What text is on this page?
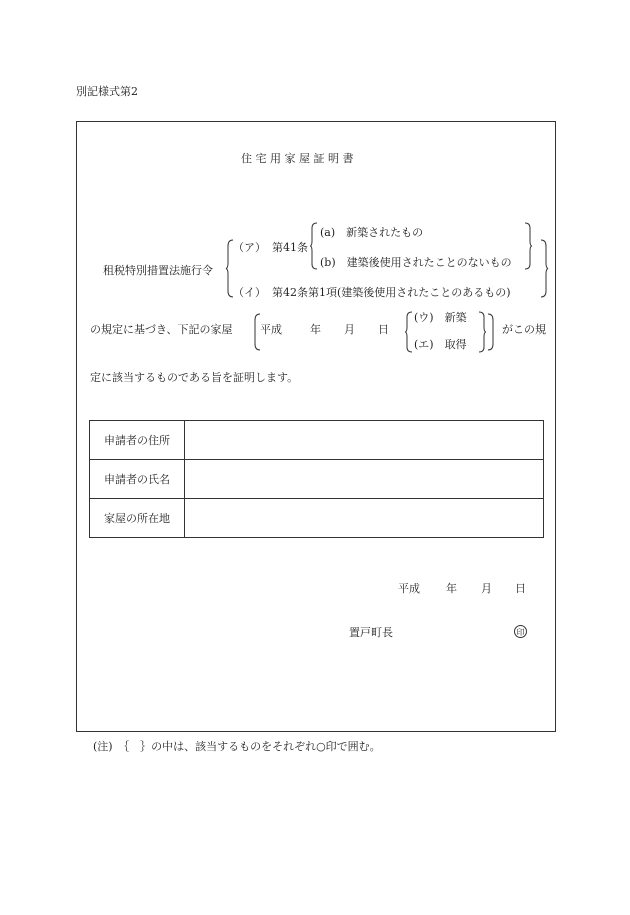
別記様式第2
住 宅 用 家 屋 証 明 書
租税特別措置法施行令
（ア） 第41条
(a)　新築されたもの
(b)　建築後使用されたことのないもの
（イ） 第42条第1項(建築後使用されたことのあるもの)
の規定に基づき、下記の家屋 平成	年 月 日
(ウ)　新築
(エ)　取得
がこの規
定に該当するものである旨を証明します。
申請者の住所	
申請者の氏名	
家屋の所在地	
平成 年 月 日
置戸町長	印
(注)　｛　｝の中は、該当するものをそれぞれ○印で囲む。
